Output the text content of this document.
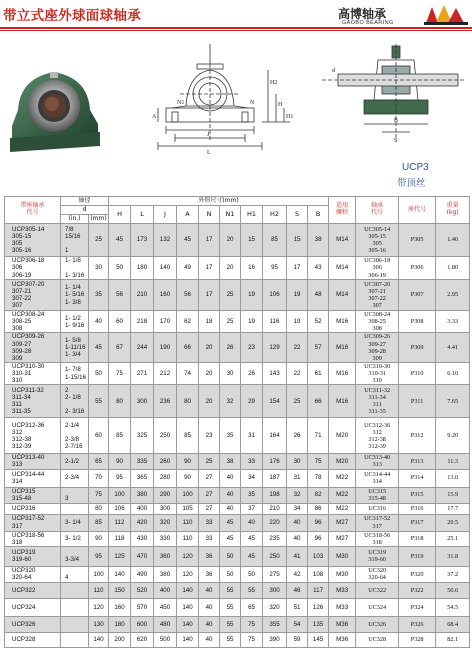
带立式座外球面球轴承	高博轴承
GAOBO BEARING
H2
H
H1
J
L
A
N1	N
d
B
S
UCP3
带顶丝
带座轴承
代号	轴径		外形尺寸(mm)										适用
螺栓	轴承
代号	座代号	重量
(kg)
	d		H	L	J	A	N	N1	H1	H2	S	B				
	(in.)	(mm)														
UCP305-14
305-15
305
305-16	7/8
15/16

1	25	45	173	132	45	17	20	15	85	15	38	M14	UC305-14
305-15
305
305-16	P305	1.46
UCP306-18
306
306-19	1- 1/8

1- 3/16	30	50	180	140	49	17	20	16	95	17	43	M14	UC306-18
306
306-19	P306	1.80
UCP307-20
307-21
307-22
307	1- 1/4
1- 5/16
1- 3/8	35	56	210	160	56	17	25	19	106	19	48	M14	UC307-20
307-21
307-22
307	P307	2.95
UCP308-24
308-25
308	1- 1/2
1- 9/16	40	60	218	170	62	18	25	19	116	19	52	M16	UC308-24
308-25
308	P308	3.33
UCP309-26
309-27
309-28
309	1- 5/8
1-11/16
1- 3/4	45	67	244	190	66	20	26	23	129	22	57	M16	UC309-26
309-27
309-28
309	P309	4.41
UCP310-30
310-31
310	1- 7/8
1-15/16	50	75	271	212	74	20	30	26	143	22	61	M16	UC310-30
310-31
310	P310	6.10
UCP311-32
311-34
311
311-35	2
2- 1/8

2- 3/16	55	80	300	236	80	20	32	29	154	25	66	M16	UC311-32
311-34
311
311-35	P311	7.65
UCP312-36
312
312-38
312-39	2-1/4

2-3/8
2-7/16	60	85	325	250	85	23	35	31	164	26	71	M20	UC312-36
312
312-38
312-39	P312	9.20
UCP313-40
313	2-1/2	65	90	335	260	90	25	38	33	176	30	75	M20	UC313-40
313	P313	11.3
UCP314-44
314	2-3/4	70	95	365	280	90	27	40	34	187	31	78	M22	UC314-44
314	P314	13.0
UCP315
315-48	
3	75	100	380	290	100	27	40	35	198	32	82	M22	UC315
315-48	P315	15.9
UCP316		80	106	400	300	105	27	40	37	210	34	86	M22	UC316	P316	17.7
UCP317-52
317	3- 1/4	85	112	420	320	110	33	45	40	220	40	96	M27	UC317-52
317	P317	20.5
UCP318-56
318	3- 1/2	90	118	430	330	110	33	45	45	235	40	96	M27	UC318-56
318	P318	25.1
UCP319
319-60	
3-3/4	95	125	470	360	120	36	50	45	250	41	103	M30	UC319
319-60	P319	31.8
UCP320
320-64	
4	100	140	490	380	120	36	50	50	275	42	108	M30	UC320
320-64	P320	37.2
UCP322		110	150	520	400	140	40	55	55	300	46	117	M33	UC322	P322	50.6
UCP324		120	160	570	450	140	40	55	65	320	51	126	M33	UC324	P324	54.5
UCP326		130	180	600	480	140	40	55	75	355	54	135	M36	UC326	P326	68.4
UCP328		140	200	620	500	140	40	55	75	390	59	145	M36	UC328	P328	82.1
